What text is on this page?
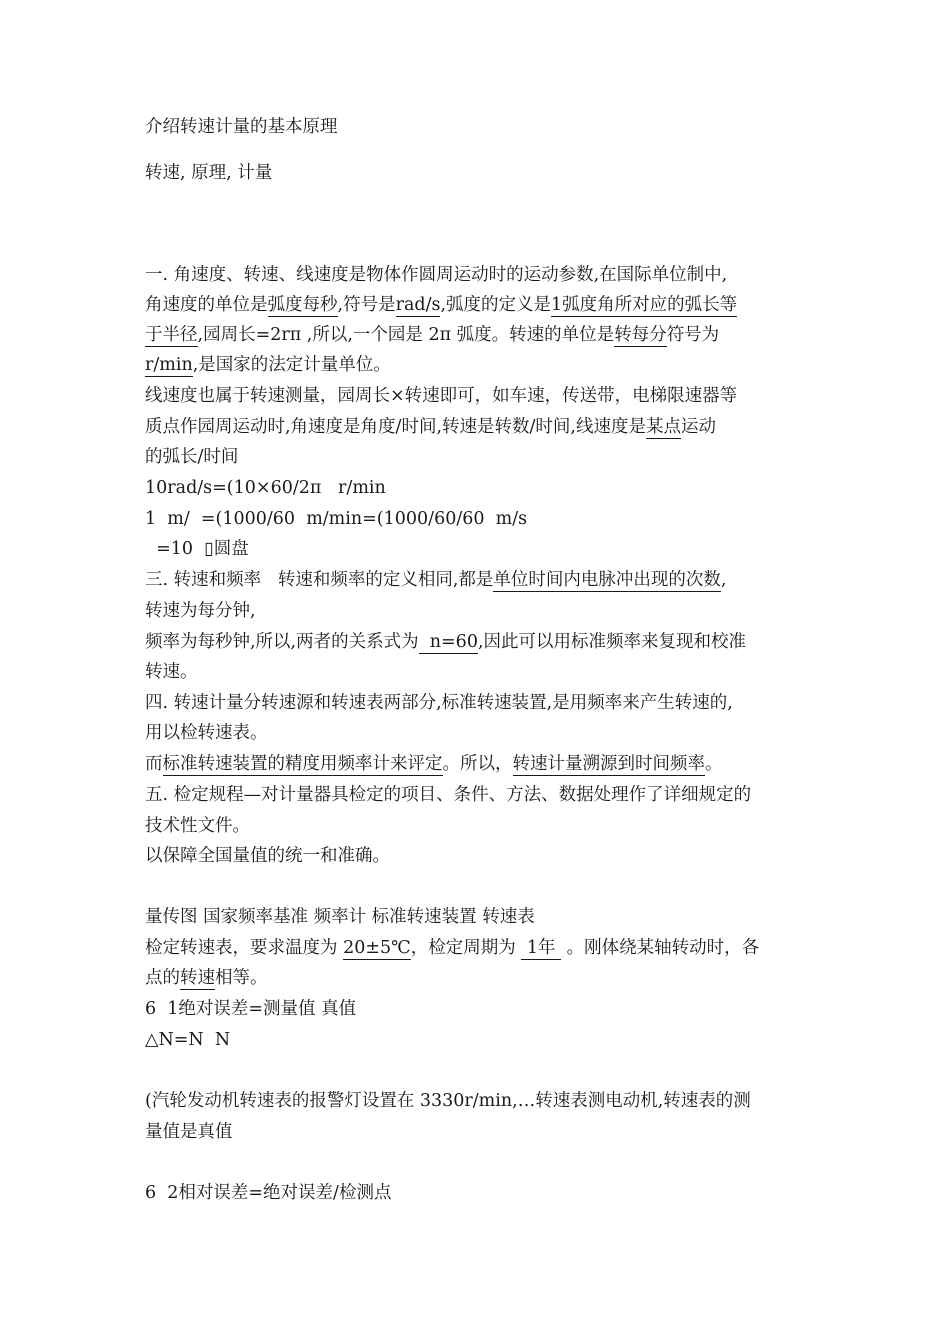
介绍转速计量的基本原理

转速, 原理, 计量

一. 角速度、转速、线速度是物体作圆周运动时的运动参数,在国际单位制中,

角速度的单位是弧度每秒,符号是rad/s,弧度的定义是1弧度角所对应的弧长等

于半径,园周长=2rπ ,所以,一个园是 2π 弧度。转速的单位是转每分符号为

r/min,是国家的法定计量单位。

线速度也属于转速测量，园周长×转速即可，如车速，传送带，电梯限速器等

质点作园周运动时,角速度是角度/时间,转速是转数/时间,线速度是某点运动

的弧长/时间

10rad/s=(10×60/2π   r/min

1  m/  =(1000/60  m/min=(1000/60/60  m/s

=10  ▯圆盘

三. 转速和频率   转速和频率的定义相同,都是单位时间内电脉冲出现的次数,

转速为每分钟,

频率为每秒钟,所以,两者的关系式为  n=60,因此可以用标准频率来复现和校准

转速。

四. 转速计量分转速源和转速表两部分,标准转速装置,是用频率来产生转速的,

用以检转速表。

而标准转速装置的精度用频率计来评定。所以，转速计量溯源到时间频率。

五. 检定规程—对计量器具检定的项目、条件、方法、数据处理作了详细规定的

技术性文件。

以保障全国量值的统一和准确。

量传图 国家频率基准 频率计 标准转速装置 转速表

检定转速表，要求温度为 20±5℃，检定周期为  1年  。刚体绕某轴转动时，各

点的转速相等。

6  1绝对误差=测量值 真值

△N=N  N

(汽轮发动机转速表的报警灯设置在 3330r/min,…转速表测电动机,转速表的测

量值是真值

6  2相对误差=绝对误差/检测点
